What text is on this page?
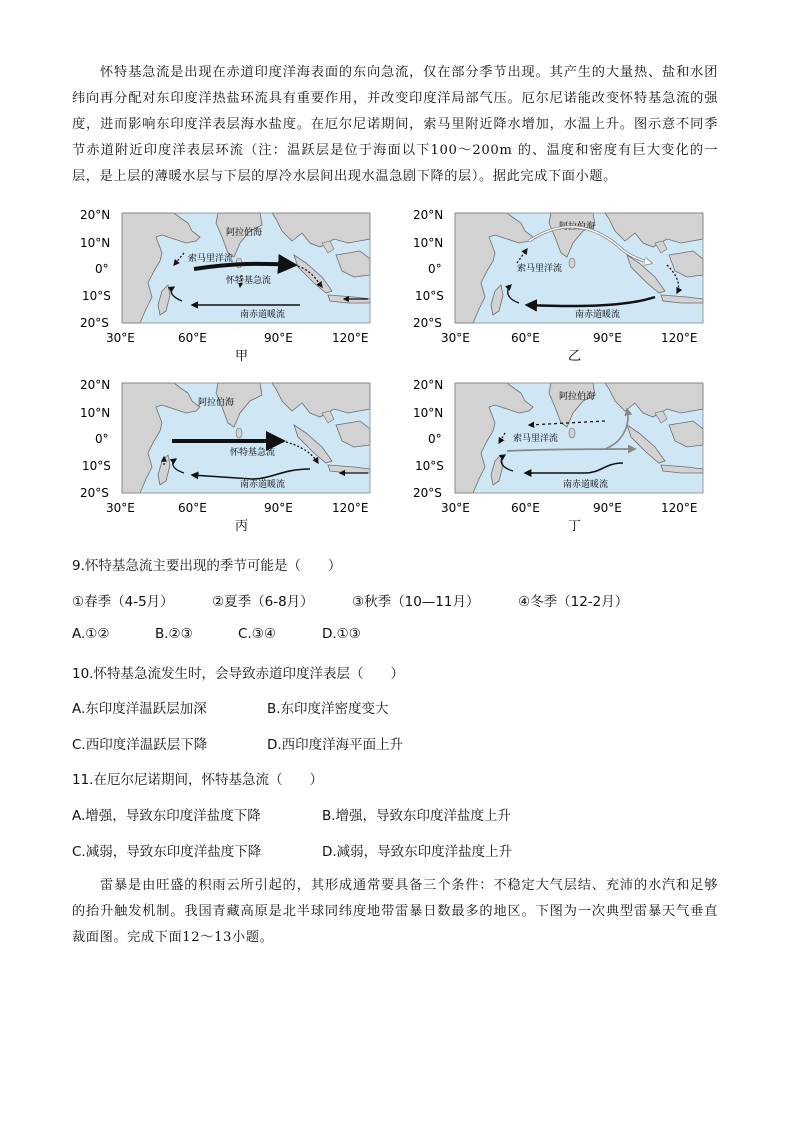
怀特基急流是出现在赤道印度洋海表面的东向急流，仅在部分季节出现。其产生的大量热、盐和水团纬向再分配对东印度洋热盐环流具有重要作用，并改变印度洋局部气压。厄尔尼诺能改变怀特基急流的强度，进而影响东印度洋表层海水盐度。在厄尔尼诺期间，索马里附近降水增加，水温上升。图示意不同季节赤道附近印度洋表层环流（注：温跃层是位于海面以下100～200m 的、温度和密度有巨大变化的一层，是上层的薄暖水层与下层的厚冷水层间出现水温急剧下降的层）。据此完成下面小题。

阿拉伯海
索马里洋流
怀特基急流
南赤道暖流
20°N
10°N
0°
10°S
20°S
30°E	60°E	90°E	120°E
甲
阿拉伯海
索马里洋流
南赤道暖流
20°N
10°N
0°
10°S
20°S
30°E	60°E	90°E	120°E
乙
阿拉伯海
怀特基急流
南赤道暖流
20°N
10°N
0°
10°S
20°S
30°E	60°E	90°E	120°E
丙
阿拉伯海
索马里洋流
南赤道暖流
20°N
10°N
0°
10°S
20°S
30°E	60°E	90°E	120°E
丁
9.怀特基急流主要出现的季节可能是（　　）
①春季（4-5月）	②夏季（6-8月）	③秋季（10—11月）	④冬季（12-2月）
A.①②	B.②③	C.③④	D.①③
10.怀特基急流发生时，会导致赤道印度洋表层（　　）
A.东印度洋温跃层加深	B.东印度洋密度变大
C.西印度洋温跃层下降	D.西印度洋海平面上升
11.在厄尔尼诺期间，怀特基急流（　　）
A.增强，导致东印度洋盐度下降	B.增强，导致东印度洋盐度上升
C.减弱，导致东印度洋盐度下降	D.减弱，导致东印度洋盐度上升

雷暴是由旺盛的积雨云所引起的，其形成通常要具备三个条件：不稳定大气层结、充沛的水汽和足够的抬升触发机制。我国青藏高原是北半球同纬度地带雷暴日数最多的地区。下图为一次典型雷暴天气垂直裁面图。完成下面12～13小题。
